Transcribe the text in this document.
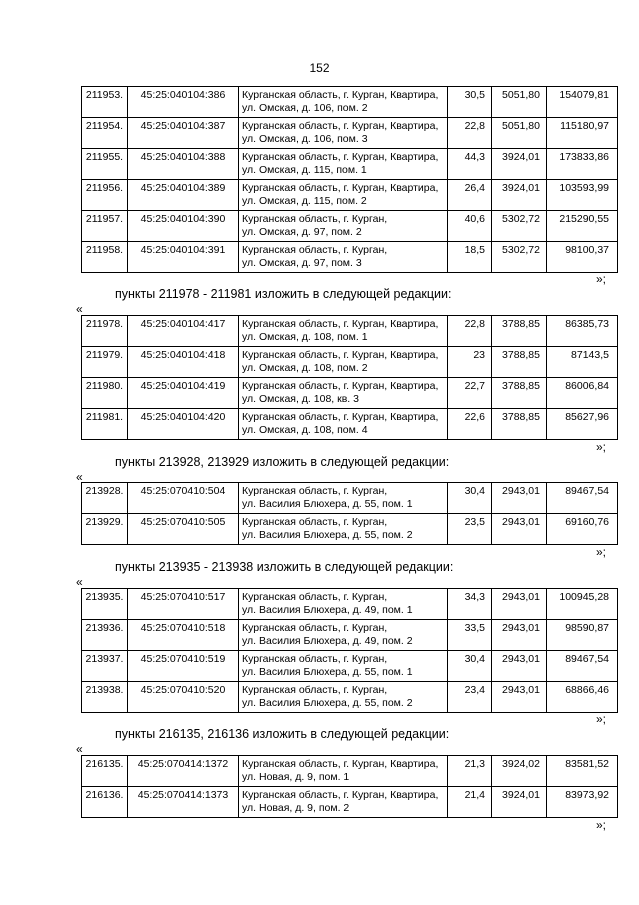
152
211953.	45:25:040104:386	Курганская область, г. Курган, Квартира,
ул. Омская, д. 106, пом. 2	30,5	5051,80	154079,81
211954.	45:25:040104:387	Курганская область, г. Курган, Квартира,
ул. Омская, д. 106, пом. 3	22,8	5051,80	115180,97
211955.	45:25:040104:388	Курганская область, г. Курган, Квартира,
ул. Омская, д. 115, пом. 1	44,3	3924,01	173833,86
211956.	45:25:040104:389	Курганская область, г. Курган, Квартира,
ул. Омская, д. 115, пом. 2	26,4	3924,01	103593,99
211957.	45:25:040104:390	Курганская область, г. Курган,
ул. Омская, д. 97, пом. 2	40,6	5302,72	215290,55
211958.	45:25:040104:391	Курганская область, г. Курган,
ул. Омская, д. 97, пом. 3	18,5	5302,72	98100,37
»;
пункты 211978 - 211981 изложить в следующей редакции:
«
211978.	45:25:040104:417	Курганская область, г. Курган, Квартира,
ул. Омская, д. 108, пом. 1	22,8	3788,85	86385,73
211979.	45:25:040104:418	Курганская область, г. Курган, Квартира,
ул. Омская, д. 108, пом. 2	23	3788,85	87143,5
211980.	45:25:040104:419	Курганская область, г. Курган, Квартира,
ул. Омская, д. 108, кв. 3	22,7	3788,85	86006,84
211981.	45:25:040104:420	Курганская область, г. Курган, Квартира,
ул. Омская, д. 108, пом. 4	22,6	3788,85	85627,96
»;
пункты 213928, 213929 изложить в следующей редакции:
«
213928.	45:25:070410:504	Курганская область, г. Курган,
ул. Василия Блюхера, д. 55, пом. 1	30,4	2943,01	89467,54
213929.	45:25:070410:505	Курганская область, г. Курган,
ул. Василия Блюхера, д. 55, пом. 2	23,5	2943,01	69160,76
»;
пункты 213935 - 213938 изложить в следующей редакции:
«
213935.	45:25:070410:517	Курганская область, г. Курган,
ул. Василия Блюхера, д. 49, пом. 1	34,3	2943,01	100945,28
213936.	45:25:070410:518	Курганская область, г. Курган,
ул. Василия Блюхера, д. 49, пом. 2	33,5	2943,01	98590,87
213937.	45:25:070410:519	Курганская область, г. Курган,
ул. Василия Блюхера, д. 55, пом. 1	30,4	2943,01	89467,54
213938.	45:25:070410:520	Курганская область, г. Курган,
ул. Василия Блюхера, д. 55, пом. 2	23,4	2943,01	68866,46
»;
пункты 216135, 216136 изложить в следующей редакции:
«
216135.	45:25:070414:1372	Курганская область, г. Курган, Квартира,
ул. Новая, д. 9, пом. 1	21,3	3924,02	83581,52
216136.	45:25:070414:1373	Курганская область, г. Курган, Квартира,
ул. Новая, д. 9, пом. 2	21,4	3924,01	83973,92
»;
